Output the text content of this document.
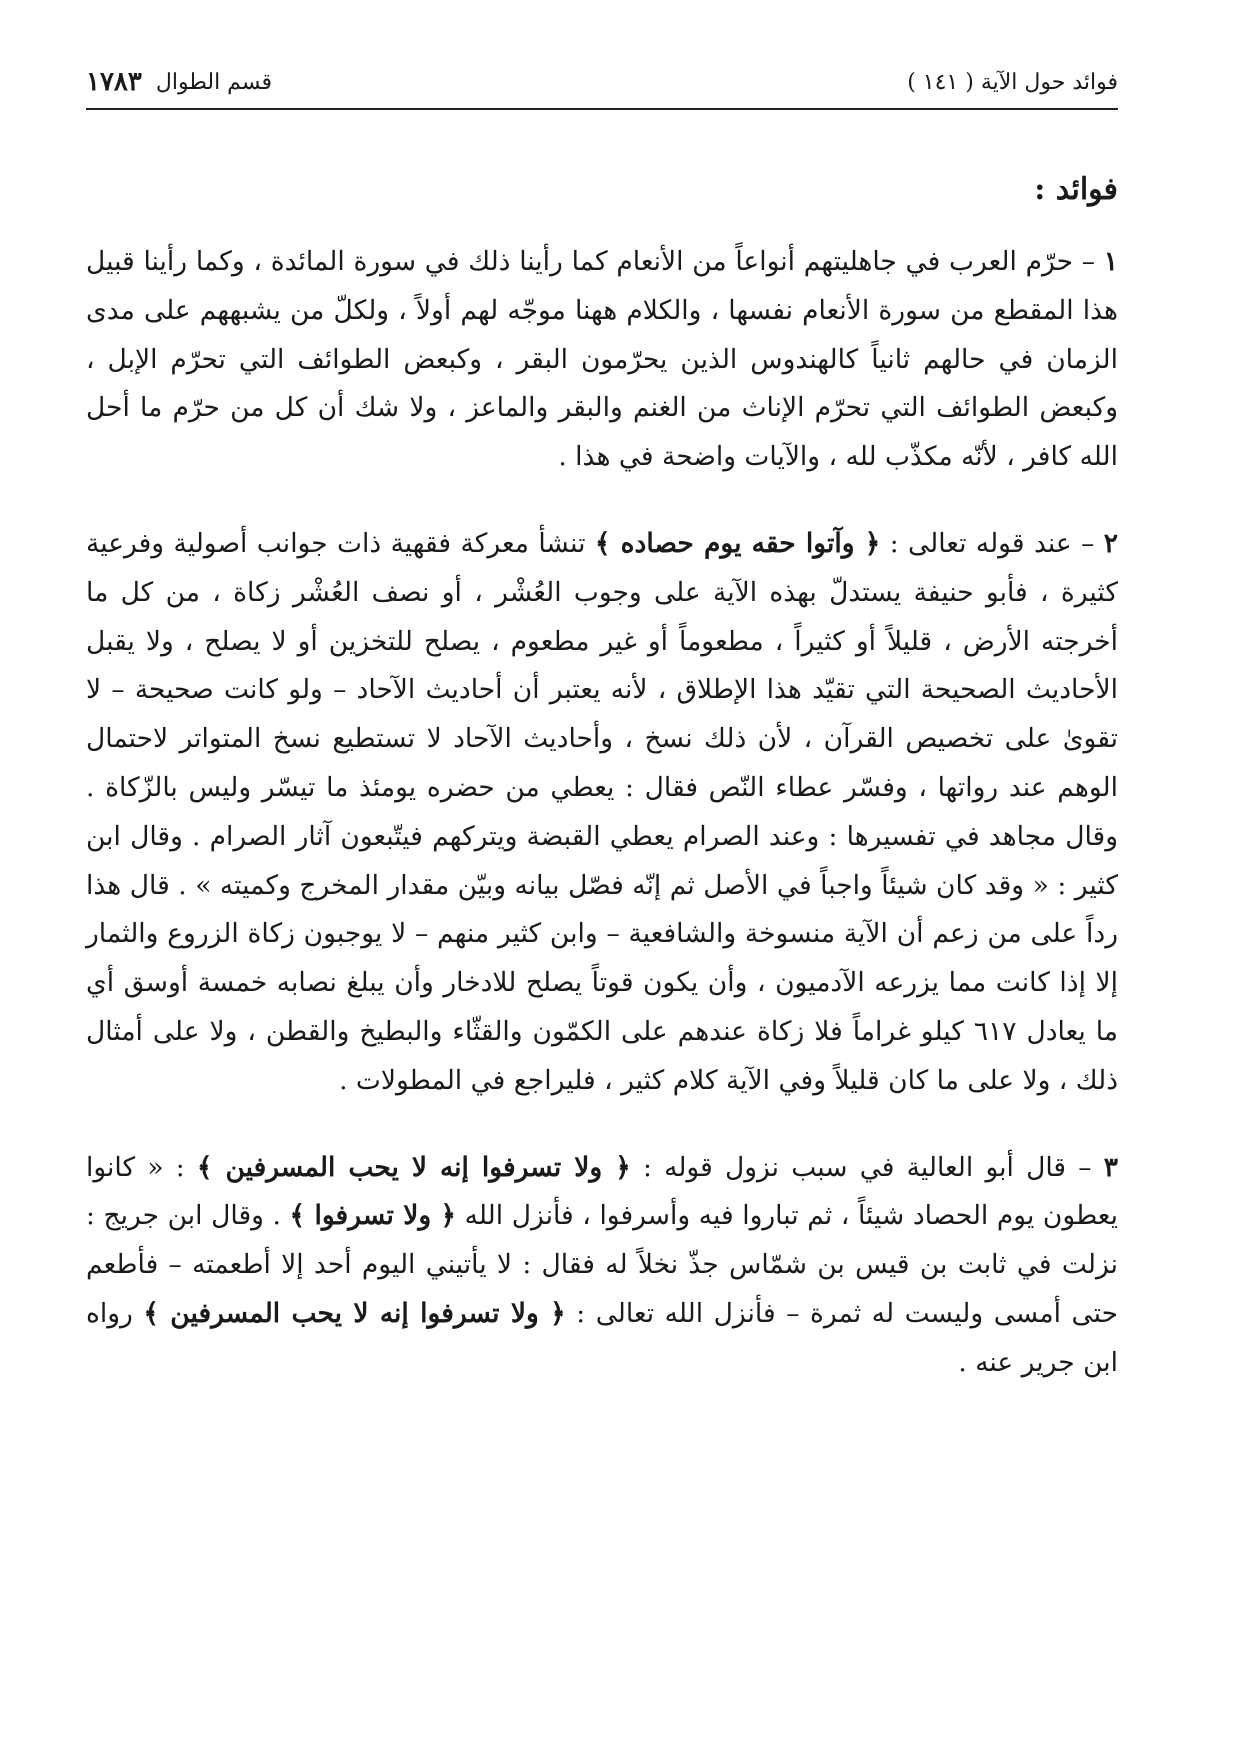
فوائد حول الآية ( ١٤١ )
قسم الطوال
١٧٨٣
فوائد :

١ – حرّم العرب في جاهليتهم أنواعاً من الأنعام كما رأينا ذلك في سورة المائدة ، وكما رأينا قبيل هذا المقطع من سورة الأنعام نفسها ، والكلام ههنا موجّه لهم أولاً ، ولكلّ من يشبههم على مدى الزمان في حالهم ثانياً كالهندوس الذين يحرّمون البقر ، وكبعض الطوائف التي تحرّم الإبل ، وكبعض الطوائف التي تحرّم الإناث من الغنم والبقر والماعز ، ولا شك أن كل من حرّم ما أحل الله كافر ، لأنّه مكذّب لله ، والآيات واضحة في هذا .

٢ – عند قوله تعالى : ﴿ وآتوا حقه يوم حصاده ﴾ تنشأ معركة فقهية ذات جوانب أصولية وفرعية كثيرة ، فأبو حنيفة يستدلّ بهذه الآية على وجوب العُشْر ، أو نصف العُشْر زكاة ، من كل ما أخرجته الأرض ، قليلاً أو كثيراً ، مطعوماً أو غير مطعوم ، يصلح للتخزين أو لا يصلح ، ولا يقبل الأحاديث الصحيحة التي تقيّد هذا الإطلاق ، لأنه يعتبر أن أحاديث الآحاد – ولو كانت صحيحة – لا تقوىٰ على تخصيص القرآن ، لأن ذلك نسخ ، وأحاديث الآحاد لا تستطيع نسخ المتواتر لاحتمال الوهم عند رواتها ، وفسّر عطاء النّص فقال : يعطي من حضره يومئذ ما تيسّر وليس بالزّكاة . وقال مجاهد في تفسيرها : وعند الصرام يعطي القبضة ويتركهم فيتّبعون آثار الصرام . وقال ابن كثير : « وقد كان شيئاً واجباً في الأصل ثم إنّه فصّل بيانه وبيّن مقدار المخرج وكميته » . قال هذا رداً على من زعم أن الآية منسوخة والشافعية – وابن كثير منهم – لا يوجبون زكاة الزروع والثمار إلا إذا كانت مما يزرعه الآدميون ، وأن يكون قوتاً يصلح للادخار وأن يبلغ نصابه خمسة أوسق أي ما يعادل ٦١٧ كيلو غراماً فلا زكاة عندهم على الكمّون والقثّاء والبطيخ والقطن ، ولا على أمثال ذلك ، ولا على ما كان قليلاً وفي الآية كلام كثير ، فليراجع في المطولات .

٣ – قال أبو العالية في سبب نزول قوله : ﴿ ولا تسرفوا إنه لا يحب المسرفين ﴾ : « كانوا يعطون يوم الحصاد شيئاً ، ثم تباروا فيه وأسرفوا ، فأنزل الله ﴿ ولا تسرفوا ﴾ . وقال ابن جريج : نزلت في ثابت بن قيس بن شمّاس جذّ نخلاً له فقال : لا يأتيني اليوم أحد إلا أطعمته – فأطعم حتى أمسى وليست له ثمرة – فأنزل الله تعالى : ﴿ ولا تسرفوا إنه لا يحب المسرفين ﴾ رواه ابن جرير عنه .
